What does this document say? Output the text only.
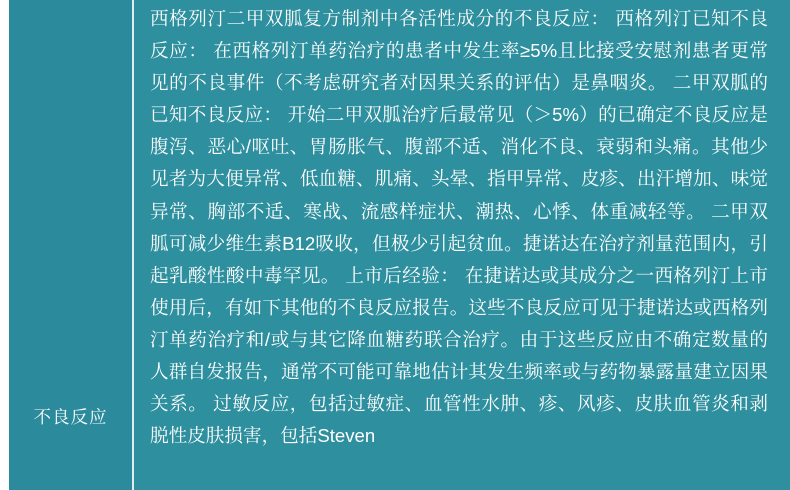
不良反应

西格列汀二甲双胍复方制剂中各活性成分的不良反应： 西格列汀已知不良反应： 在西格列汀单药治疗的患者中发生率≥5%且比接受安慰剂患者更常见的不良事件（不考虑研究者对因果关系的评估）是鼻咽炎。 二甲双胍的已知不良反应： 开始二甲双胍治疗后最常见（＞5%）的已确定不良反应是腹泻、恶心/呕吐、胃肠胀气、腹部不适、消化不良、衰弱和头痛。其他少见者为大便异常、低血糖、肌痛、头晕、指甲异常、皮疹、出汗增加、味觉异常、胸部不适、寒战、流感样症状、潮热、心悸、体重减轻等。 二甲双胍可减少维生素B12吸收，但极少引起贫血。捷诺达在治疗剂量范围内，引起乳酸性酸中毒罕见。 上市后经验： 在捷诺达或其成分之一西格列汀上市使用后，有如下其他的不良反应报告。这些不良反应可见于捷诺达或西格列汀单药治疗和/或与其它降血糖药联合治疗。由于这些反应由不确定数量的人群自发报告，通常不可能可靠地估计其发生频率或与药物暴露量建立因果关系。 过敏反应，包括过敏症、血管性水肿、疹、风疹、皮肤血管炎和剥脱性皮肤损害，包括Steven
